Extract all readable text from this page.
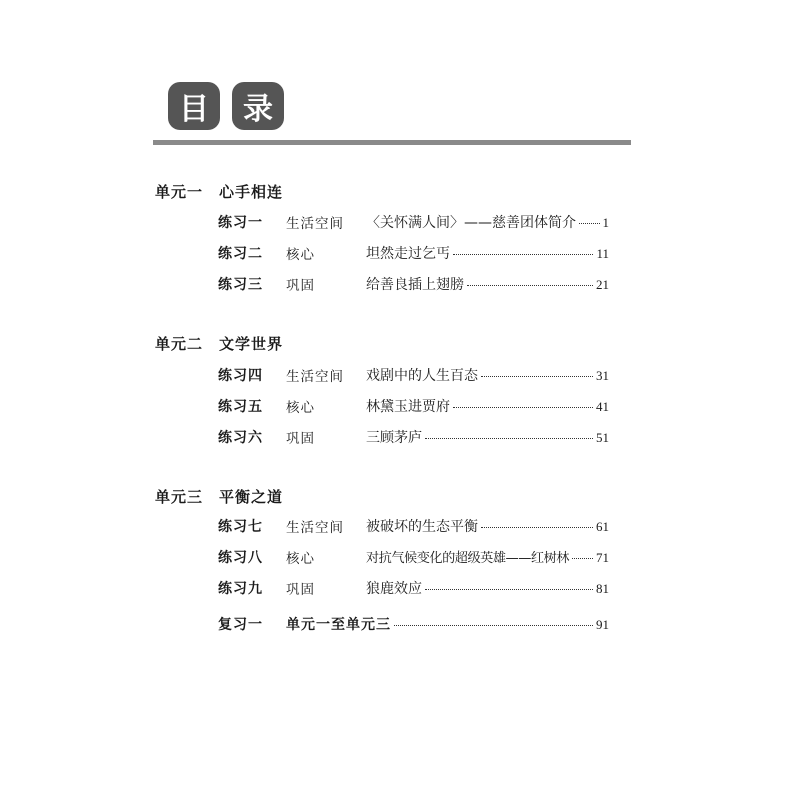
目	录
单元一 心手相连
练习一 生活空间 〈关怀满人间〉——慈善团体简介 1
练习二 核心	坦然走过乞丐	11
练习三 巩固	给善良插上翅膀	21
单元二 文学世界
练习四 生活空间 戏剧中的人生百态	31
练习五 核心	林黛玉进贾府	41
练习六 巩固	三顾茅庐	51
单元三 平衡之道
练习七 生活空间 被破坏的生态平衡	61
练习八 核心	对抗气候变化的超级英雄——红树林 71
练习九 巩固	狼鹿效应	81
复习一 单元一至单元三	91
